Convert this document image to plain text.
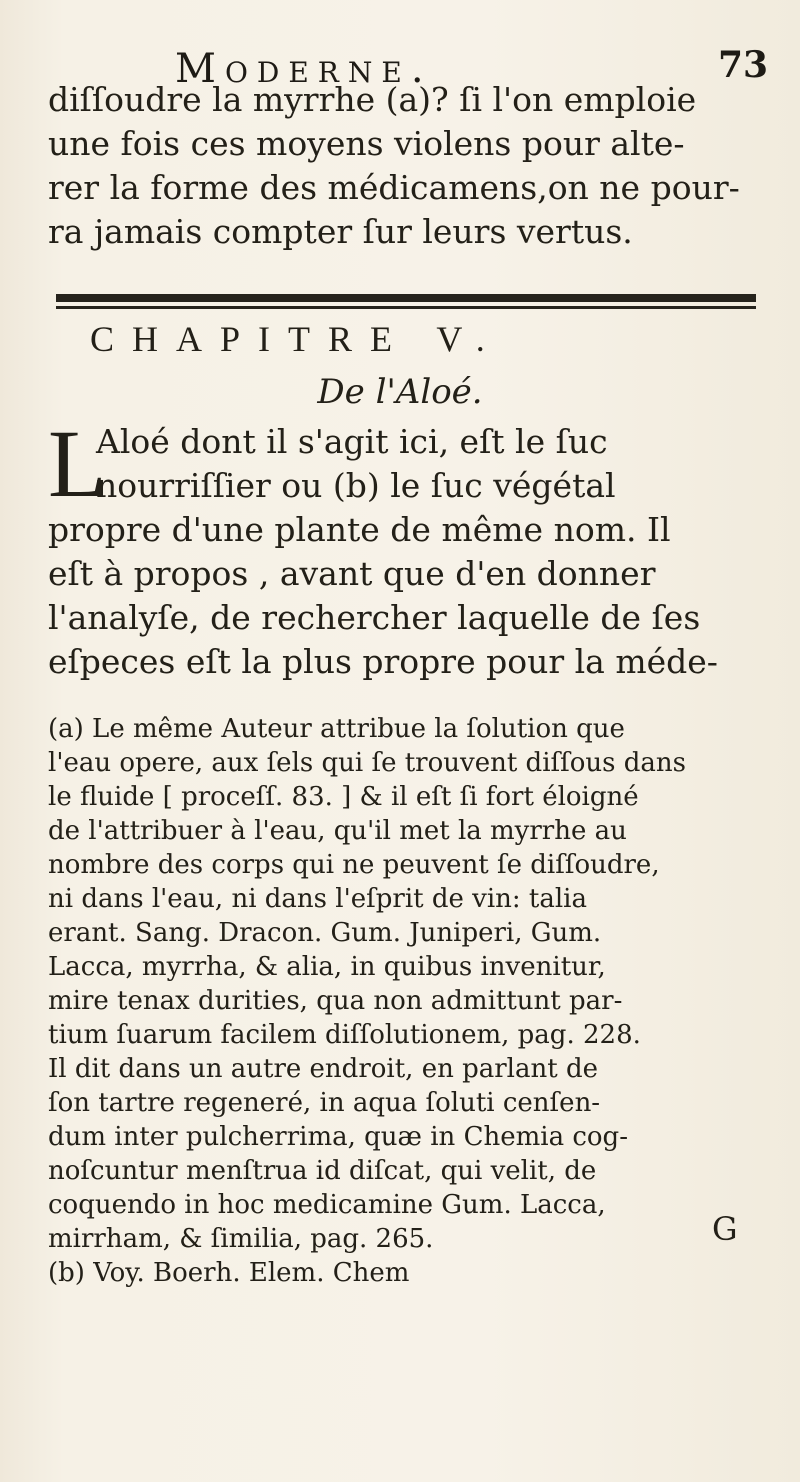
Moderne.	73

diſſoudre la myrrhe (a)? ſi l'on emploie
une fois ces moyens violens pour alte-
rer la forme des médicamens,on ne pour-
ra jamais compter ſur leurs vertus.

CHAPITRE V.
De l'Aloé.
L

Aloé dont il s'agit ici, eſt le ſuc
nourriſſier ou (b) le ſuc végétal
propre d'une plante de même nom. Il
eſt à propos , avant que d'en donner
l'analyſe, de rechercher laquelle de ſes
eſpeces eſt la plus propre pour la méde-

(a) Le même Auteur attribue la ſolution que
l'eau opere, aux ſels qui ſe trouvent diſſous dans
le fluide [ proceſſ. 83. ] & il eſt ſi fort éloigné
de l'attribuer à l'eau, qu'il met la myrrhe au
nombre des corps qui ne peuvent ſe diſſoudre,
ni dans l'eau, ni dans l'eſprit de vin: talia
erant. Sang. Dracon. Gum. Juniperi, Gum.
Lacca, myrrha, & alia, in quibus invenitur,
mire tenax durities, qua non admittunt par-
tium ſuarum facilem diſſolutionem, pag. 228.
Il dit dans un autre endroit, en parlant de
ſon tartre regeneré, in aqua ſoluti cenſen-
dum inter pulcherrima, quæ in Chemia cog-
noſcuntur menſtrua id diſcat, qui velit, de
coquendo in hoc medicamine Gum. Lacca,
mirrham, & ſimilia, pag. 265.
(b) Voy. Boerh. Elem. Chem
G
